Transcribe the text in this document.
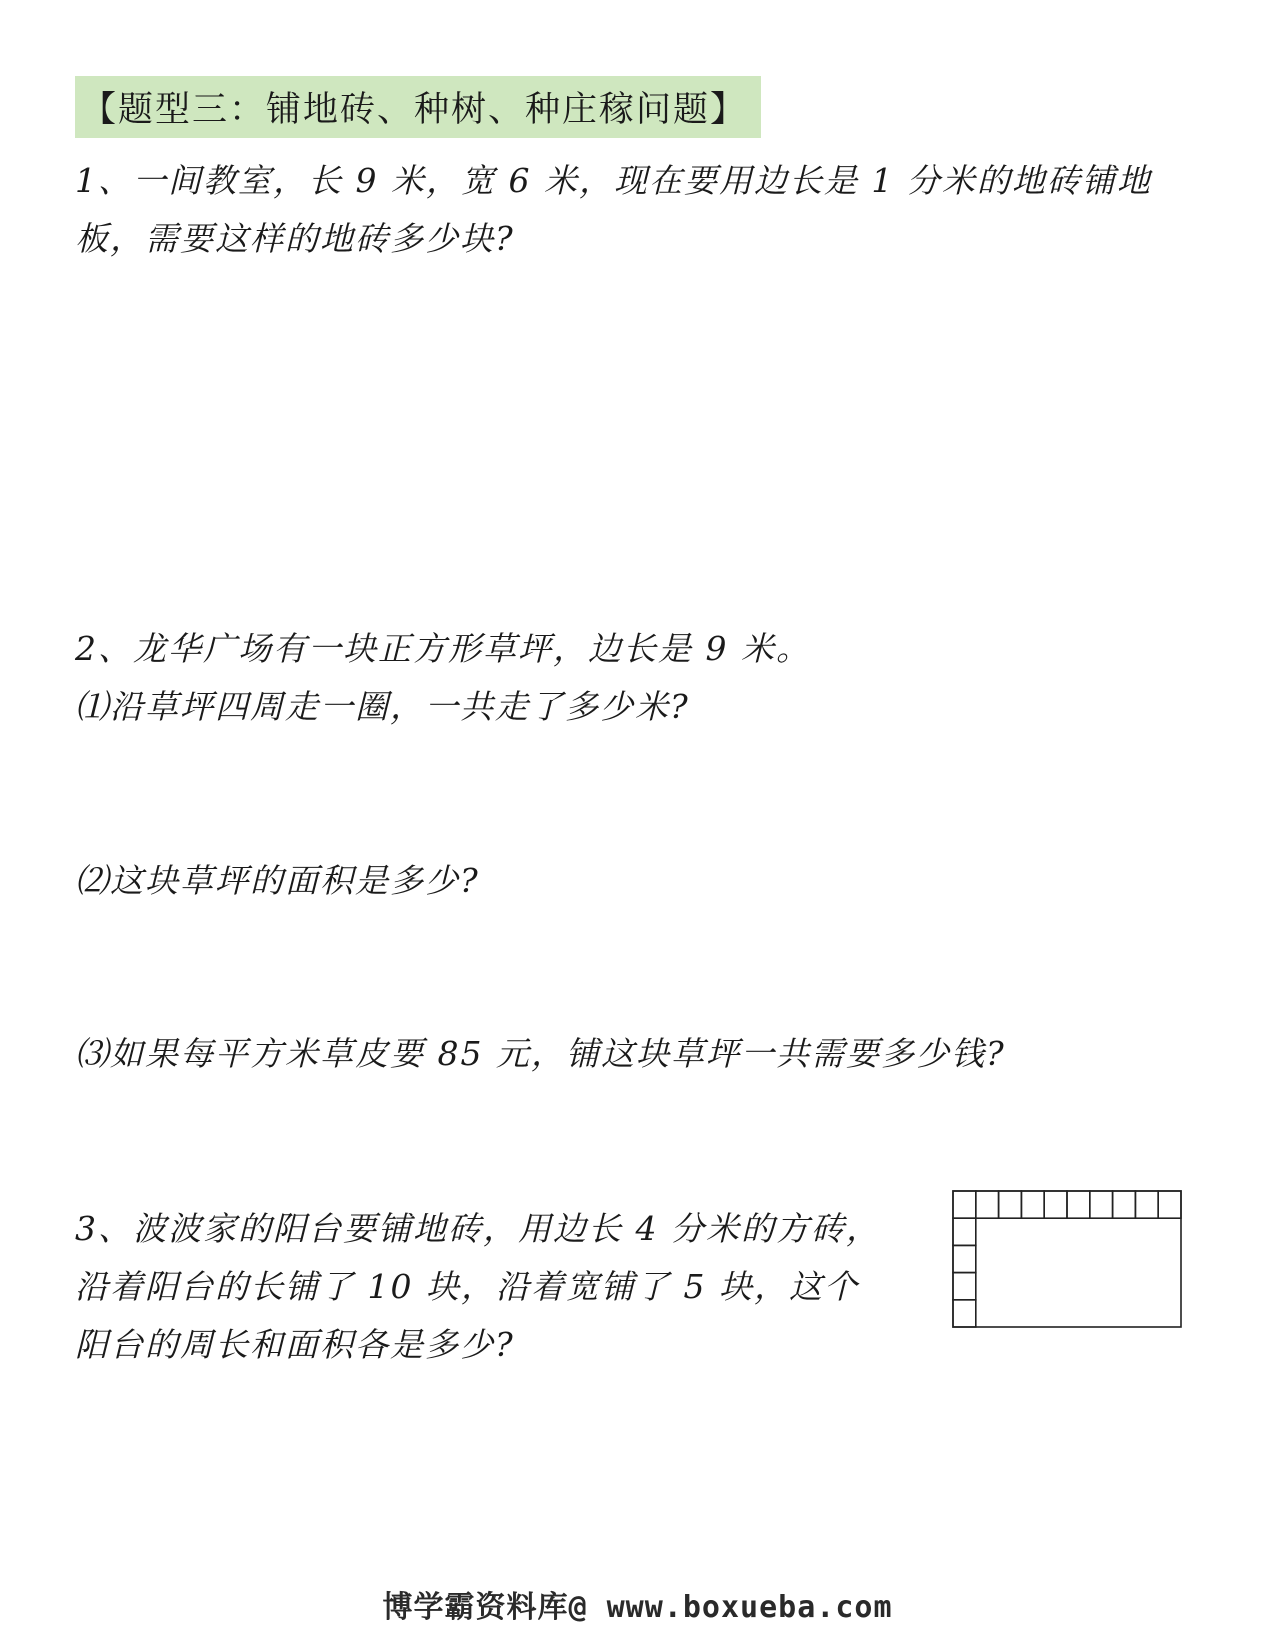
【题型三：铺地砖、种树、种庄稼问题】
1、一间教室，长 9 米，宽 6 米，现在要用边长是 1 分米的地砖铺地
板，需要这样的地砖多少块?
2、龙华广场有一块正方形草坪，边长是 9 米。
⑴沿草坪四周走一圈，一共走了多少米?
⑵这块草坪的面积是多少?
⑶如果每平方米草皮要 85 元，铺这块草坪一共需要多少钱?
3、波波家的阳台要铺地砖，用边长 4 分米的方砖，
沿着阳台的长铺了 10 块，沿着宽铺了 5 块，这个
阳台的周长和面积各是多少?
博学霸资料库@ www.boxueba.com
